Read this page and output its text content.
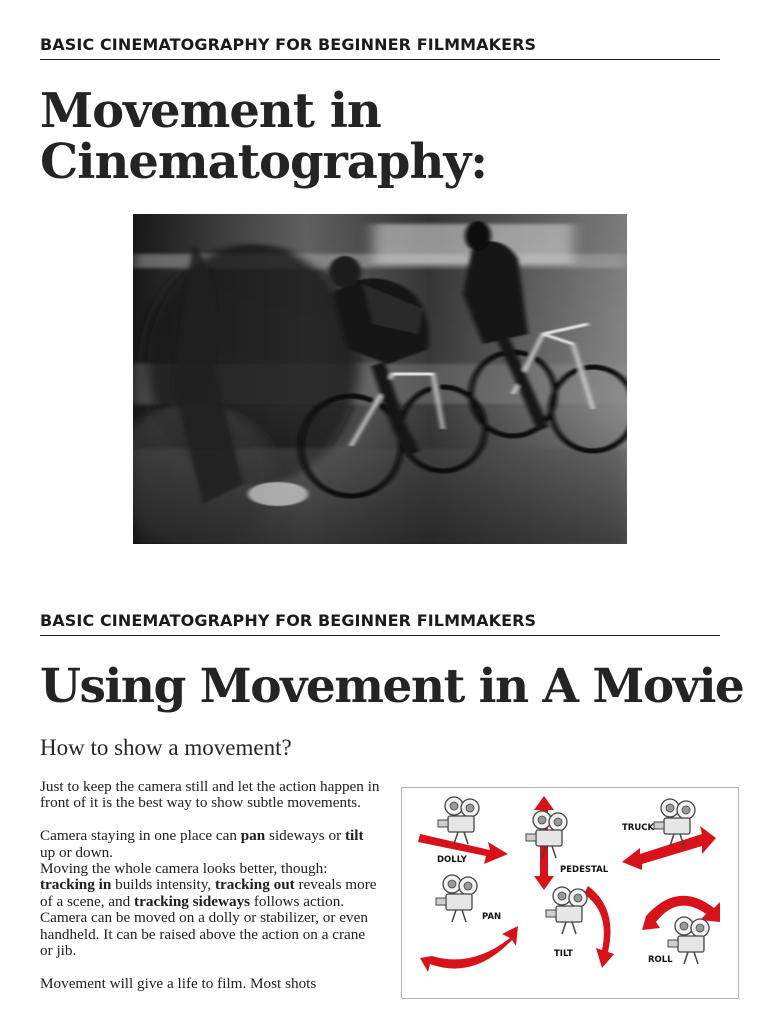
BASIC CINEMATOGRAPHY FOR BEGINNER FILMMAKERS
Movement in
Cinematography:
BASIC CINEMATOGRAPHY FOR BEGINNER FILMMAKERS
Using Movement in A Movie
How to show a movement?

Just to keep the camera still and let the action happen in front of it is the best way to show subtle movements.

Camera staying in one place can pan sideways or tilt up or down.

Moving the whole camera looks better, though: tracking in builds intensity, tracking out reveals more of a scene, and tracking sideways follows action.

Camera can be moved on a dolly or stabilizer, or even handheld. It can be raised above the action on a crane or jib.

Movement will give a life to film. Most shots

DOLLY
PEDESTAL
TRUCK
PAN
TILT
ROLL
